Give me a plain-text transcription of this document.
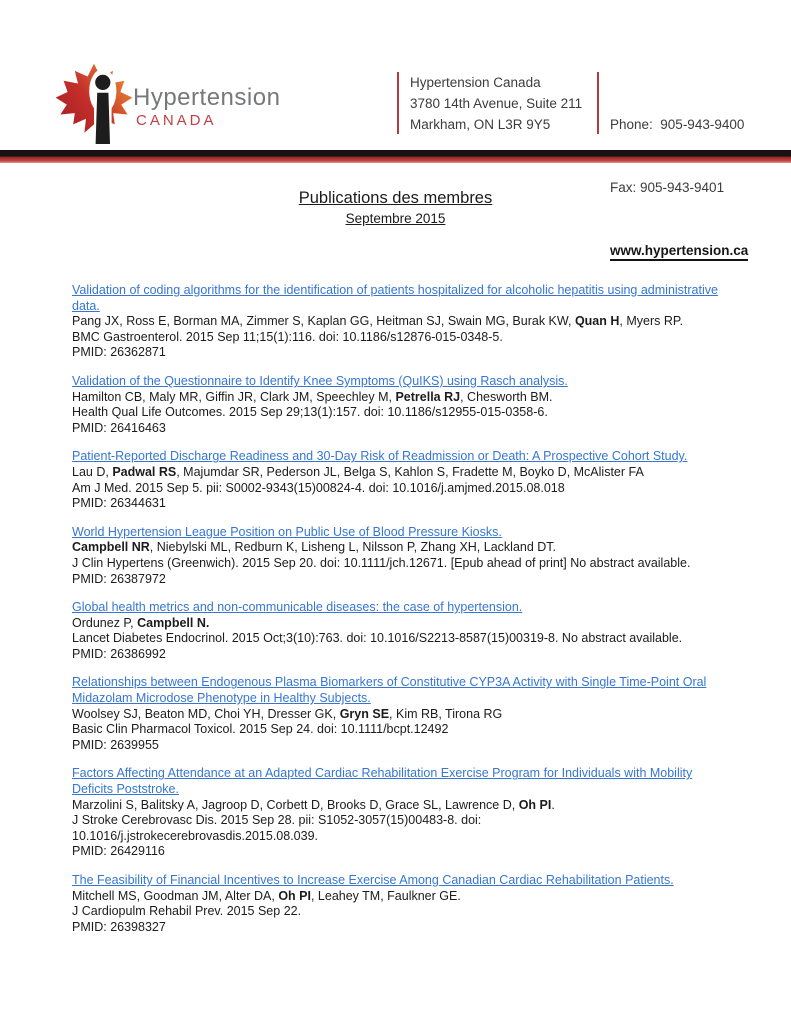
Hypertension
CANADA
Hypertension Canada
3780 14th Avenue, Suite 211
Markham, ON L3R 9Y5

	Phone:  905-943-9400

Fax: 905-943-9401

www.hypertension.ca

Publications des membres
Septembre 2015
Validation of coding algorithms for the identification of patients hospitalized for alcoholic hepatitis using administrative data.
Pang JX, Ross E, Borman MA, Zimmer S, Kaplan GG, Heitman SJ, Swain MG, Burak KW, Quan H, Myers RP.
BMC Gastroenterol. 2015 Sep 11;15(1):116. doi: 10.1186/s12876-015-0348-5.
PMID: 26362871
Validation of the Questionnaire to Identify Knee Symptoms (QuIKS) using Rasch analysis.
Hamilton CB, Maly MR, Giffin JR, Clark JM, Speechley M, Petrella RJ, Chesworth BM.
Health Qual Life Outcomes. 2015 Sep 29;13(1):157. doi: 10.1186/s12955-015-0358-6.
PMID: 26416463
Patient-Reported Discharge Readiness and 30-Day Risk of Readmission or Death: A Prospective Cohort Study.
Lau D, Padwal RS, Majumdar SR, Pederson JL, Belga S, Kahlon S, Fradette M, Boyko D, McAlister FA
Am J Med. 2015 Sep 5. pii: S0002-9343(15)00824-4. doi: 10.1016/j.amjmed.2015.08.018
PMID: 26344631
World Hypertension League Position on Public Use of Blood Pressure Kiosks.
Campbell NR, Niebylski ML, Redburn K, Lisheng L, Nilsson P, Zhang XH, Lackland DT.
J Clin Hypertens (Greenwich). 2015 Sep 20. doi: 10.1111/jch.12671. [Epub ahead of print] No abstract available.
PMID: 26387972
Global health metrics and non-communicable diseases: the case of hypertension.
Ordunez P, Campbell N.
Lancet Diabetes Endocrinol. 2015 Oct;3(10):763. doi: 10.1016/S2213-8587(15)00319-8. No abstract available.
PMID: 26386992
Relationships between Endogenous Plasma Biomarkers of Constitutive CYP3A Activity with Single Time-Point Oral Midazolam Microdose Phenotype in Healthy Subjects.
Woolsey SJ, Beaton MD, Choi YH, Dresser GK, Gryn SE, Kim RB, Tirona RG
Basic Clin Pharmacol Toxicol. 2015 Sep 24. doi: 10.1111/bcpt.12492
PMID: 2639955
Factors Affecting Attendance at an Adapted Cardiac Rehabilitation Exercise Program for Individuals with Mobility Deficits Poststroke.
Marzolini S, Balitsky A, Jagroop D, Corbett D, Brooks D, Grace SL, Lawrence D, Oh PI.
J Stroke Cerebrovasc Dis. 2015 Sep 28. pii: S1052-3057(15)00483-8. doi: 10.1016/j.jstrokecerebrovasdis.2015.08.039.
PMID: 26429116
The Feasibility of Financial Incentives to Increase Exercise Among Canadian Cardiac Rehabilitation Patients.
Mitchell MS, Goodman JM, Alter DA, Oh PI, Leahey TM, Faulkner GE.
J Cardiopulm Rehabil Prev. 2015 Sep 22.
PMID: 26398327
